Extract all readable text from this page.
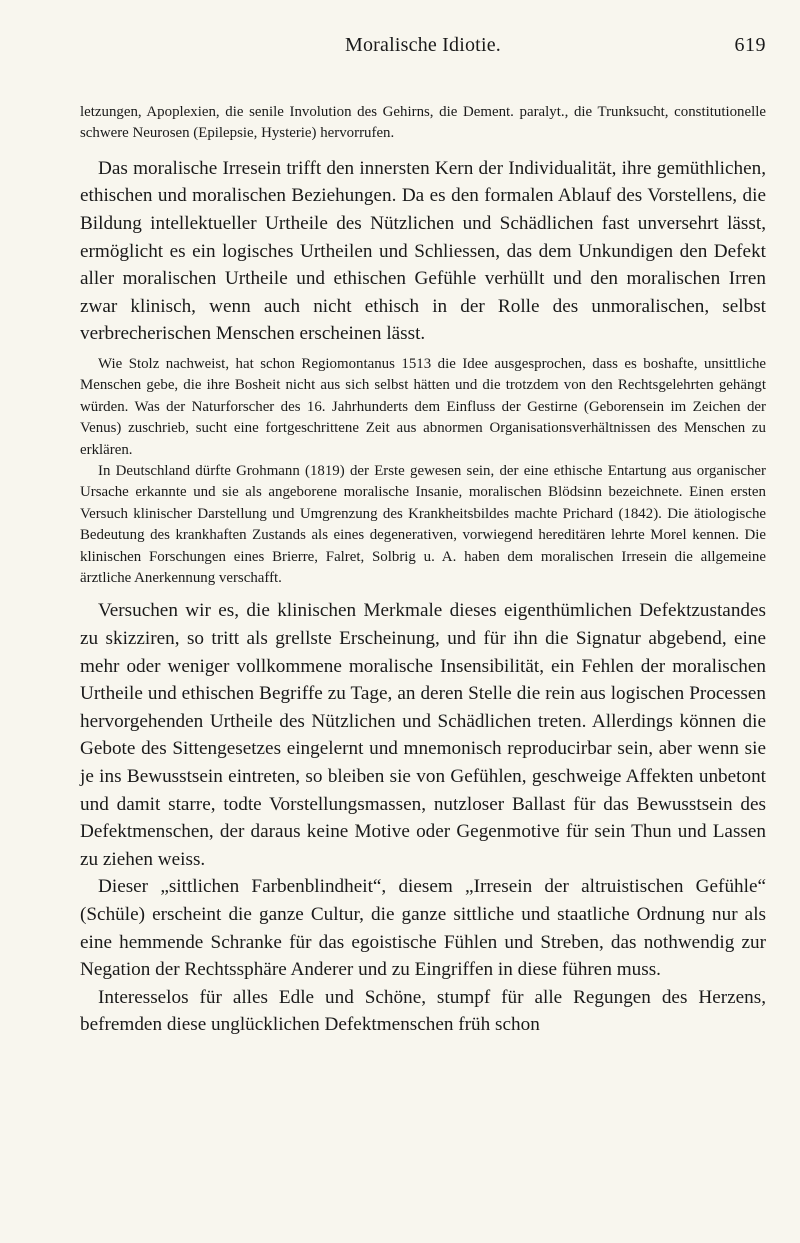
Moralische Idiotie.	619

letzungen, Apoplexien, die senile Involution des Gehirns, die Dement. paralyt., die Trunksucht, constitutionelle schwere Neurosen (Epilepsie, Hysterie) hervorrufen.

Das moralische Irresein trifft den innersten Kern der Individualität, ihre gemüthlichen, ethischen und moralischen Beziehungen. Da es den formalen Ablauf des Vorstellens, die Bildung intellektueller Urtheile des Nützlichen und Schädlichen fast unversehrt lässt, ermöglicht es ein logisches Urtheilen und Schliessen, das dem Unkundigen den Defekt aller moralischen Urtheile und ethischen Gefühle verhüllt und den moralischen Irren zwar klinisch, wenn auch nicht ethisch in der Rolle des unmoralischen, selbst verbrecherischen Menschen erscheinen lässt.

Wie Stolz nachweist, hat schon Regiomontanus 1513 die Idee ausgesprochen, dass es boshafte, unsittliche Menschen gebe, die ihre Bosheit nicht aus sich selbst hätten und die trotzdem von den Rechtsgelehrten gehängt würden. Was der Naturforscher des 16. Jahrhunderts dem Einfluss der Gestirne (Geborensein im Zeichen der Venus) zuschrieb, sucht eine fortgeschrittene Zeit aus abnormen Organisationsverhältnissen des Menschen zu erklären.

In Deutschland dürfte Grohmann (1819) der Erste gewesen sein, der eine ethische Entartung aus organischer Ursache erkannte und sie als angeborene moralische Insanie, moralischen Blödsinn bezeichnete. Einen ersten Versuch klinischer Darstellung und Umgrenzung des Krankheitsbildes machte Prichard (1842). Die ätiologische Bedeutung des krankhaften Zustands als eines degenerativen, vorwiegend hereditären lehrte Morel kennen. Die klinischen Forschungen eines Brierre, Falret, Solbrig u. A. haben dem moralischen Irresein die allgemeine ärztliche Anerkennung verschafft.

Versuchen wir es, die klinischen Merkmale dieses eigenthümlichen Defektzustandes zu skizziren, so tritt als grellste Erscheinung, und für ihn die Signatur abgebend, eine mehr oder weniger vollkommene moralische Insensibilität, ein Fehlen der moralischen Urtheile und ethischen Begriffe zu Tage, an deren Stelle die rein aus logischen Processen hervorgehenden Urtheile des Nützlichen und Schädlichen treten. Allerdings können die Gebote des Sittengesetzes eingelernt und mnemonisch reproducirbar sein, aber wenn sie je ins Bewusstsein eintreten, so bleiben sie von Gefühlen, geschweige Affekten unbetont und damit starre, todte Vorstellungsmassen, nutzloser Ballast für das Bewusstsein des Defektmenschen, der daraus keine Motive oder Gegenmotive für sein Thun und Lassen zu ziehen weiss.

Dieser „sittlichen Farbenblindheit“, diesem „Irresein der altruistischen Gefühle“ (Schüle) erscheint die ganze Cultur, die ganze sittliche und staatliche Ordnung nur als eine hemmende Schranke für das egoistische Fühlen und Streben, das nothwendig zur Negation der Rechtssphäre Anderer und zu Eingriffen in diese führen muss.

Interesselos für alles Edle und Schöne, stumpf für alle Regungen des Herzens, befremden diese unglücklichen Defektmenschen früh schon
